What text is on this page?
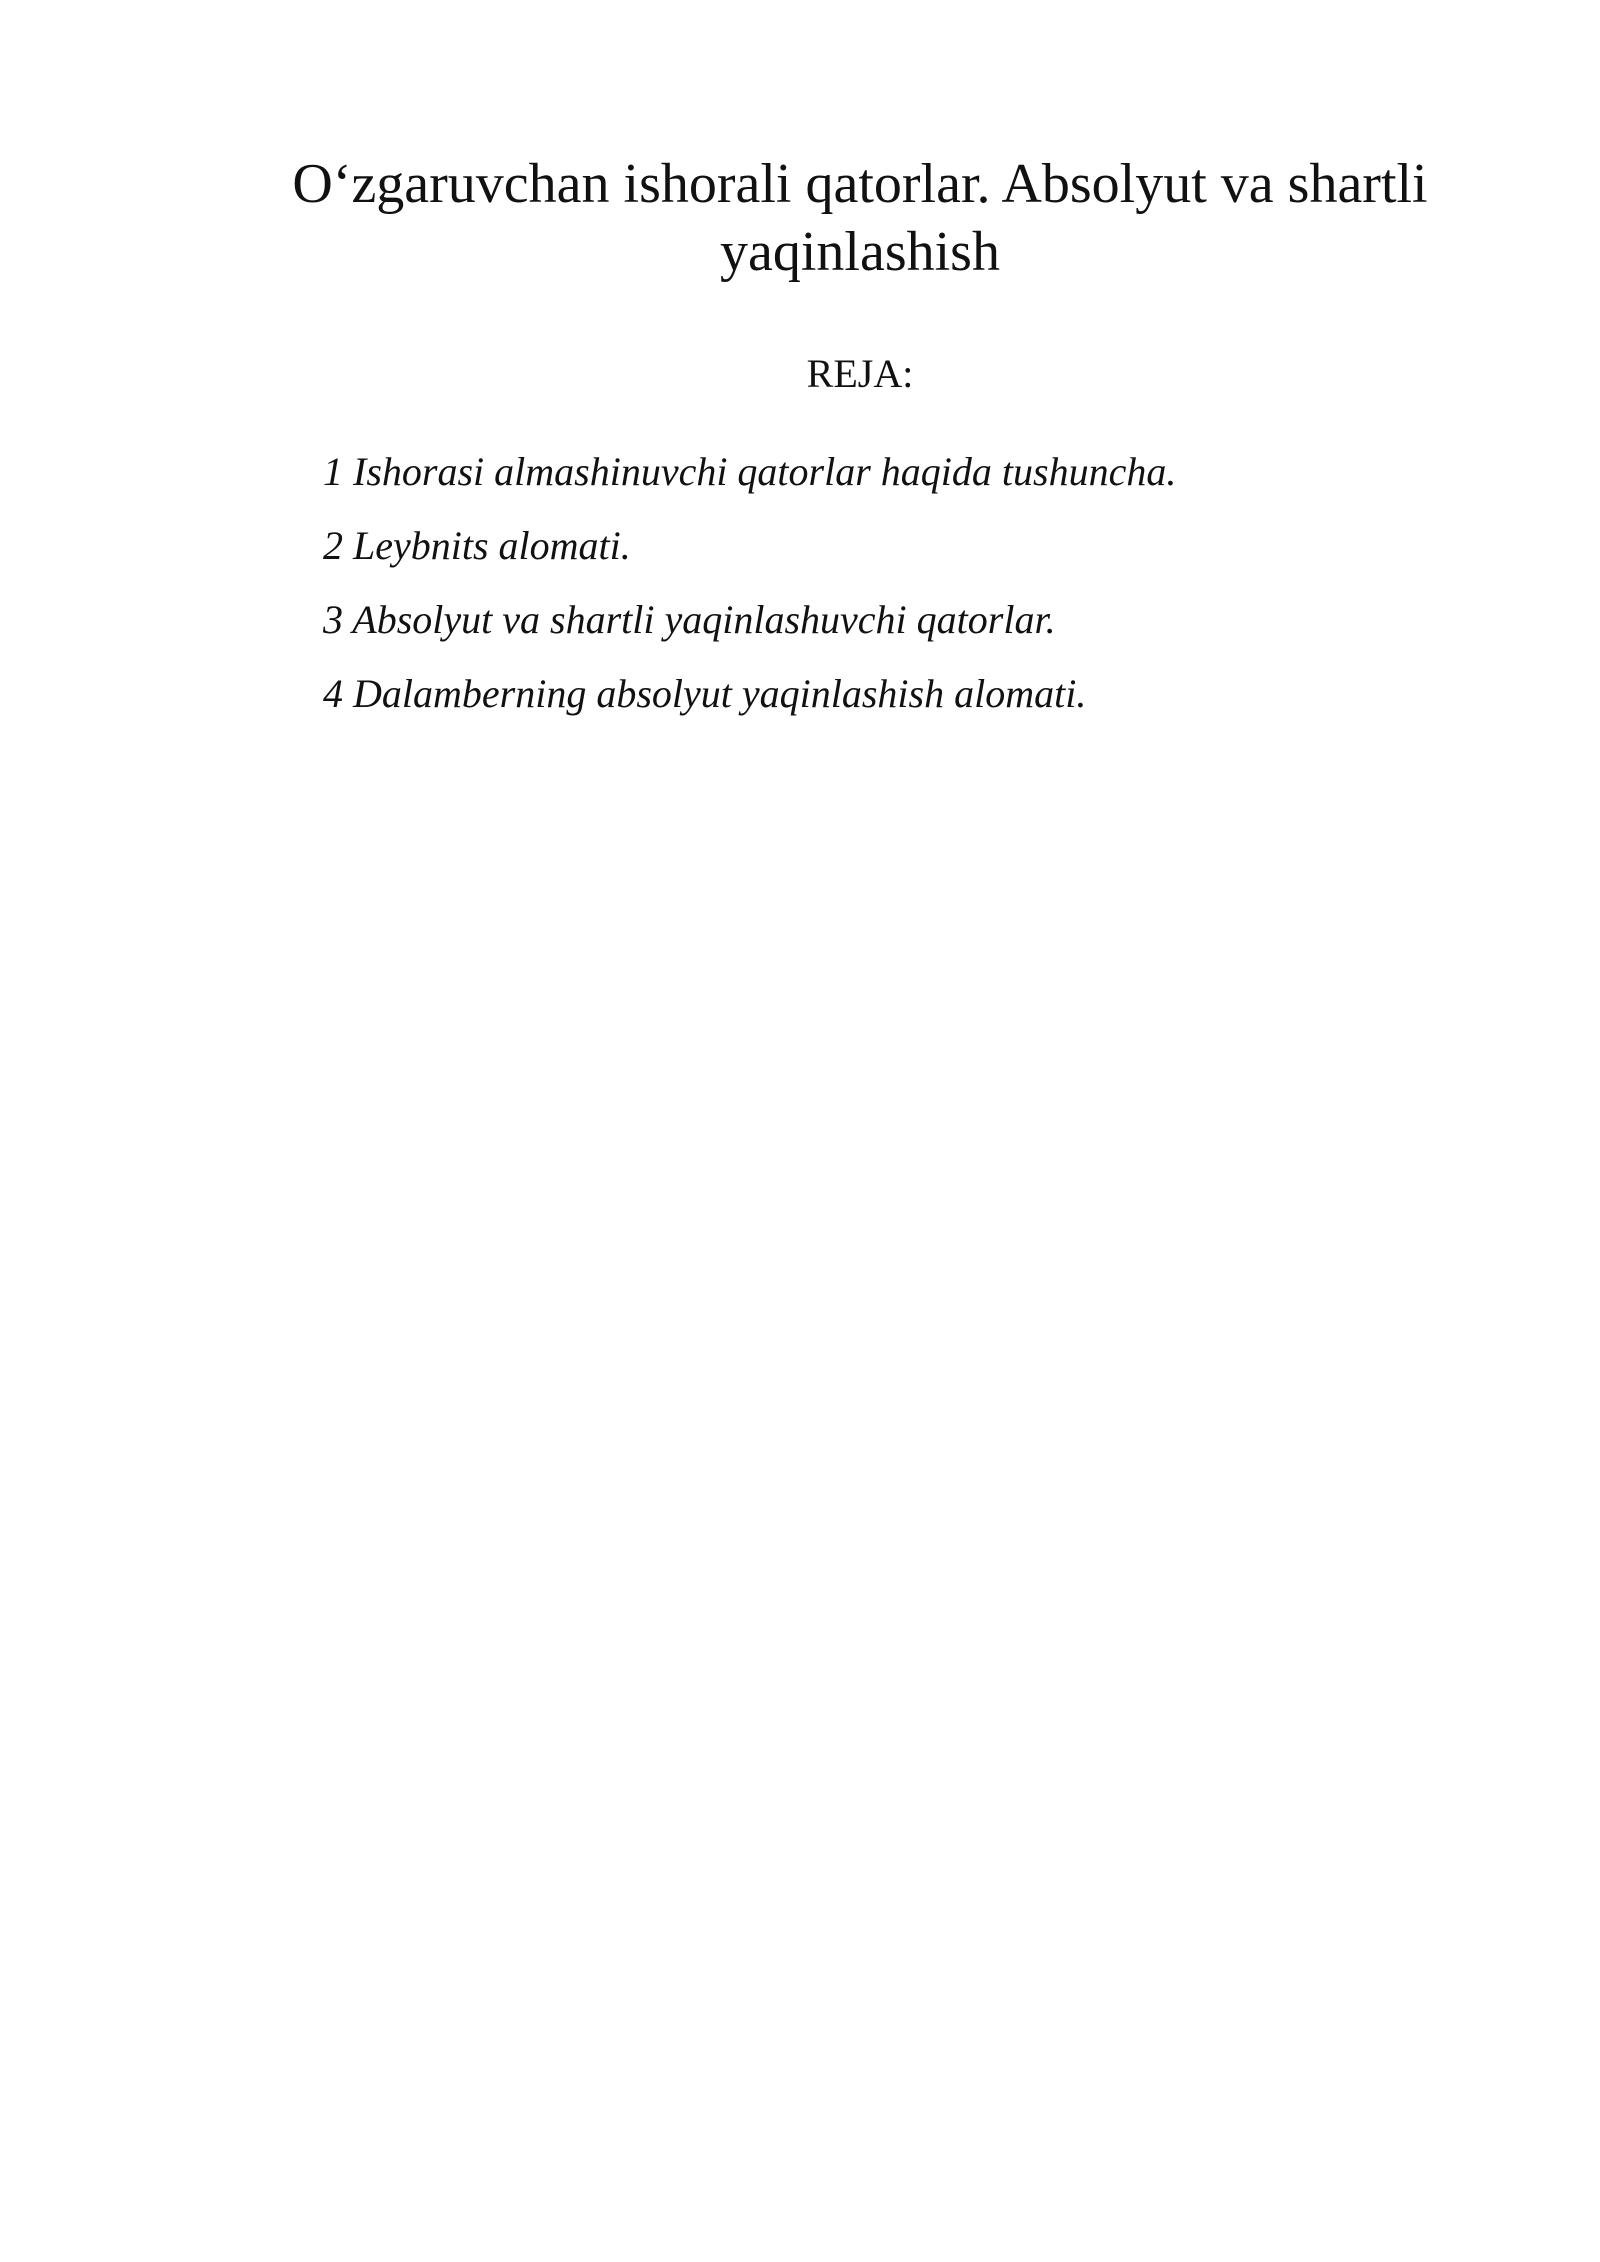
O‘zgaruvchan ishorali qatorlar. Absolyut va shartli yaqinlashish
REJA:
1 Ishorasi almashinuvchi qatorlar haqida tushuncha.
2 Leybnits alomati.
3 Absolyut va shartli yaqinlashuvchi qatorlar.
4 Dalamberning absolyut yaqinlashish alomati.
